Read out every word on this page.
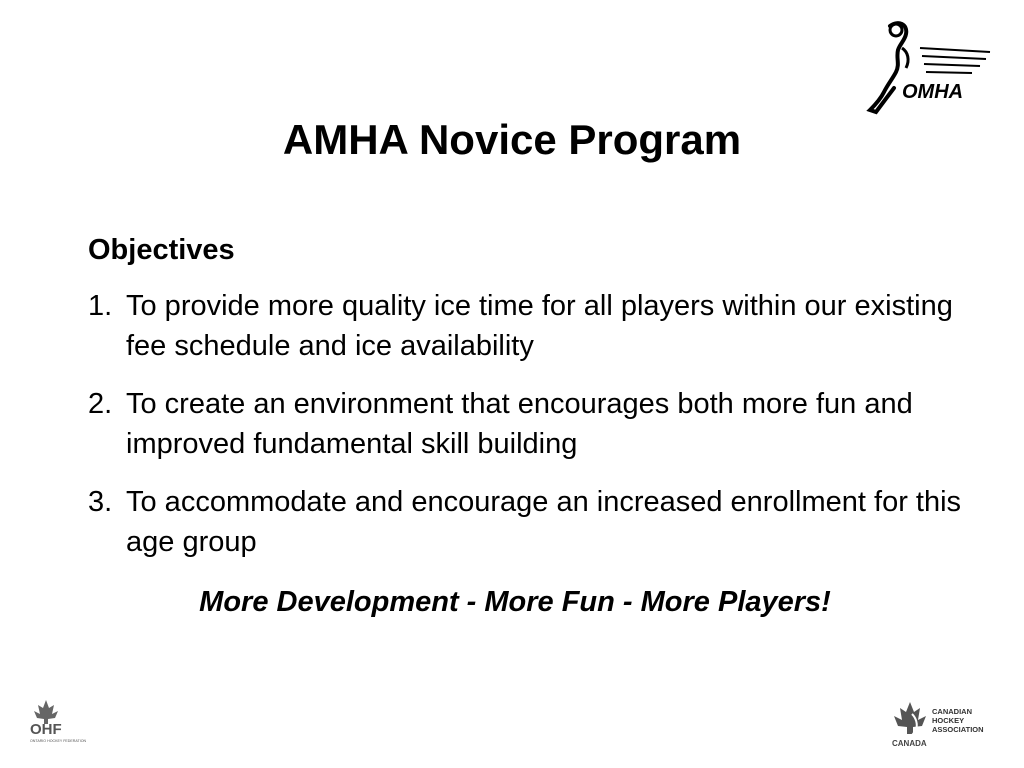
OMHA
AMHA Novice Program
Objectives
1. To provide more quality ice time for all players within our existing fee schedule and ice availability
2. To create an environment that encourages both more fun and improved fundamental skill building
3. To accommodate and encourage an increased enrollment for this age group

More Development - More Fun - More Players!

OHF
ONTARIO HOCKEY FEDERATION
CANADIAN
HOCKEY
ASSOCIATION
CANADA
